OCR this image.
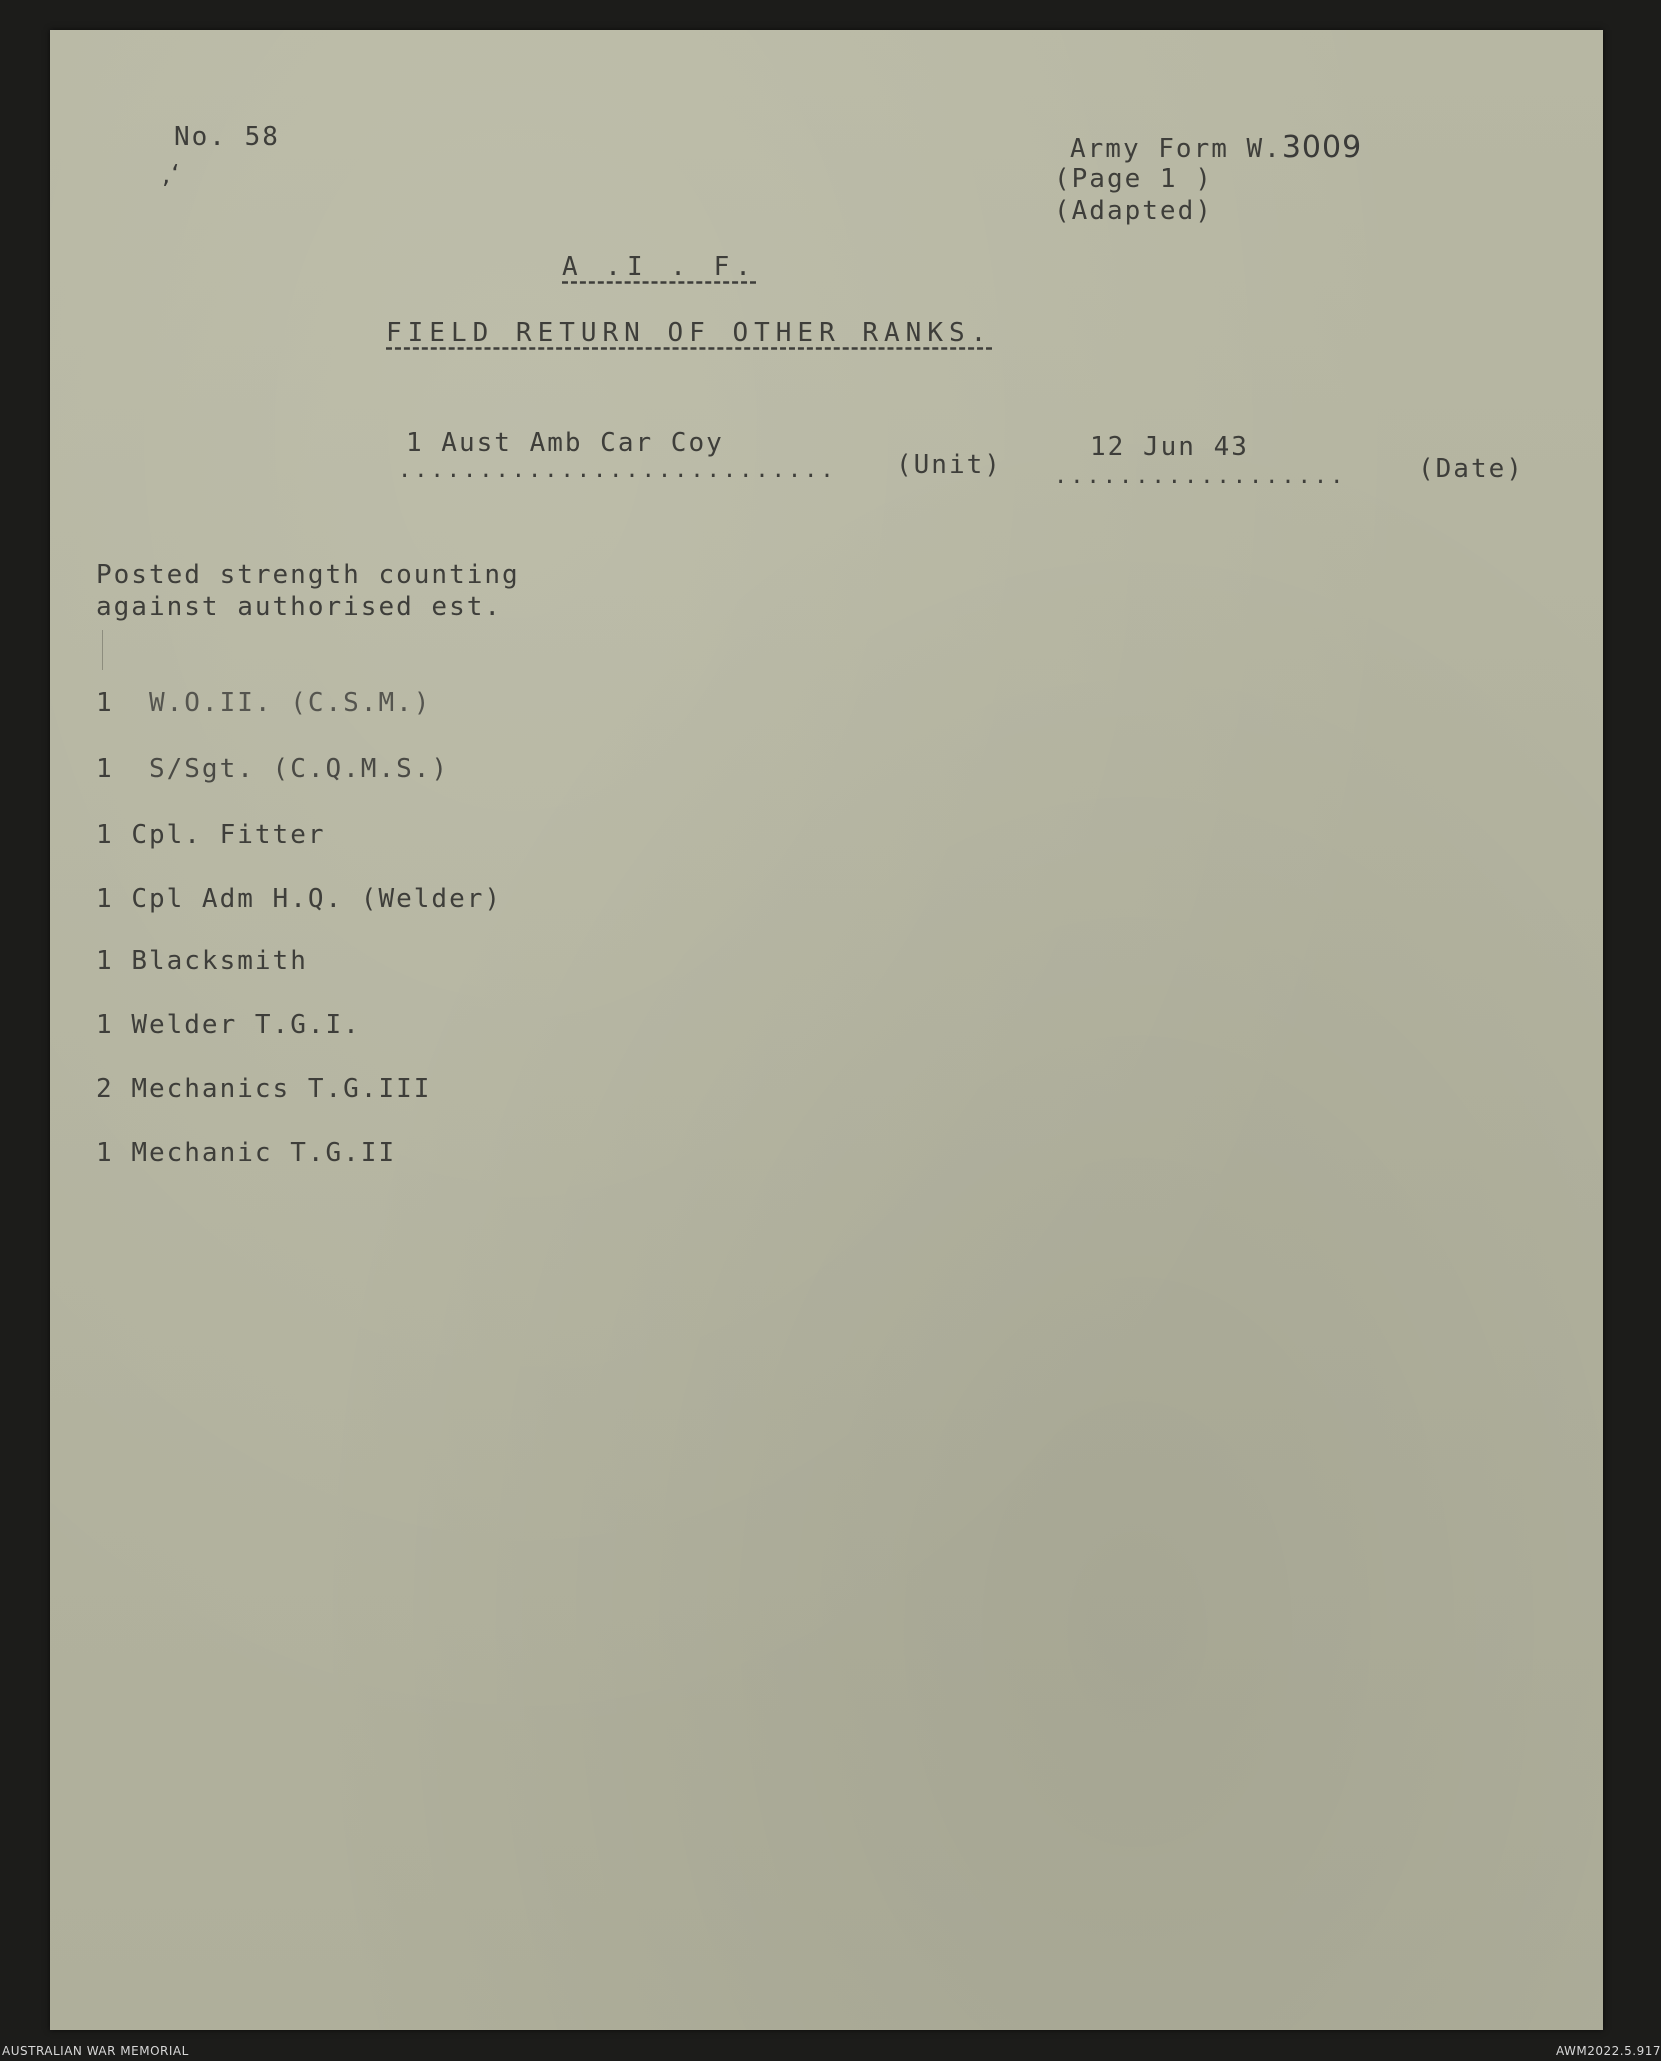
No. 58
,‘
Army Form W.3009
(Page 1 )
(Adapted)
A .I . F.
FIELD RETURN OF OTHER RANKS.
1 Aust Amb Car Coy
........................... (Unit)
12 Jun 43
..................	(Date)
Posted strength counting
against authorised est.
1 W.O.II. (C.S.M.)
1 S/Sgt. (C.Q.M.S.)
1 Cpl. Fitter
1 Cpl Adm H.Q. (Welder)
1 Blacksmith
1 Welder T.G.I.
2 Mechanics T.G.III
1 Mechanic T.G.II
AUSTRALIAN WAR MEMORIAL	AWM2022.5.917
